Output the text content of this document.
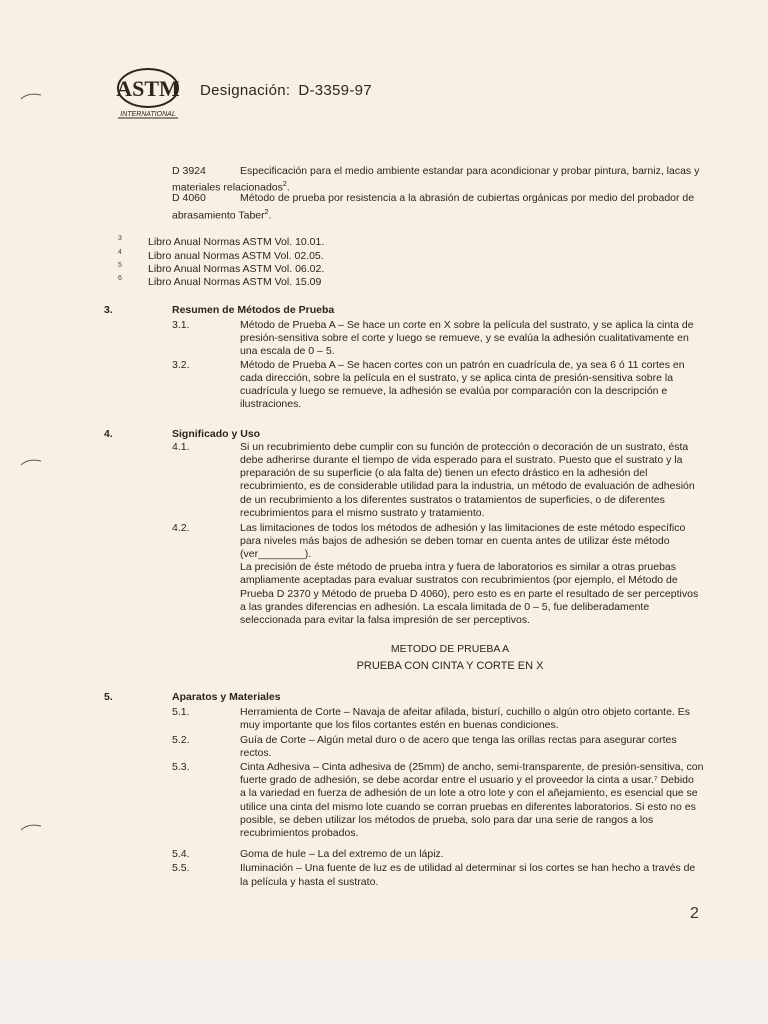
ASTM
INTERNATIONAL
Designación: D-3359-97
D 3924	Especificación para el medio ambiente estandar para acondicionar y probar pintura, barniz, lacas y
materiales relacionados$^2$.
D 4060	Método de prueba por resistencia a la abrasión de cubiertas orgánicas por medio del probador de
abrasamiento Taber$^2$.
3 Libro Anual Normas ASTM Vol. 10.01.
4 Libro anual Normas ASTM Vol. 02.05.
5 Libro Anual Normas ASTM Vol. 06.02.
6 Libro Anual Normas ASTM Vol. 15.09
3.	Resumen de Métodos de Prueba
3.1.	Método de Prueba A – Se hace un corte en X sobre la película del sustrato, y se aplica la cinta de
presión-sensitiva sobre el corte y luego se remueve, y se evalúa la adhesión cualitativamente en
una escala de 0 – 5.
3.2.	Método de Prueba A – Se hacen cortes con un patrón en cuadrícula de, ya sea 6 ó 11 cortes en
cada dirección, sobre la película en el sustrato, y se aplica cinta de presión-sensitiva sobre la
cuadrícula y luego se remueve, la adhesión se evalúa por comparación con la descripción e
ilustraciones.
4.	Significado y Uso
4.1.	Si un recubrimiento debe cumplir con su función de protección o decoración de un sustrato, ésta
debe adherirse durante el tiempo de vida esperado para el sustrato. Puesto que el sustrato y la
preparación de su superficie (o ala falta de) tienen un efecto drástico en la adhesión del
recubrimiento, es de considerable utilidad para la industria, un método de evaluación de adhesión
de un recubrimiento a los diferentes sustratos o tratamientos de superficies, o de diferentes
recubrimientos para el mismo sustrato y tratamiento.
4.2.	Las limitaciones de todos los métodos de adhesión y las limitaciones de este método específico
para niveles más bajos de adhesión se deben tomar en cuenta antes de utilizar éste método
(ver________).
La precisión de éste método de prueba intra y fuera de laboratorios es similar a otras pruebas
ampliamente aceptadas para evaluar sustratos con recubrimientos (por ejemplo, el Método de
Prueba D 2370 y Método de prueba D 4060), pero esto es en parte el resultado de ser perceptivos
a las grandes diferencias en adhesión. La escala limitada de 0 – 5, fue deliberadamente
seleccionada para evitar la falsa impresión de ser perceptivos.
METODO DE PRUEBA A
PRUEBA CON CINTA Y CORTE EN X
5.	Aparatos y Materiales
5.1.	Herramienta de Corte – Navaja de afeitar afilada, bisturí, cuchillo o algún otro objeto cortante. Es
muy importante que los filos cortantes estén en buenas condiciones.
5.2.	Guía de Corte – Algún metal duro o de acero que tenga las orillas rectas para asegurar cortes
rectos.
5.3.	Cinta Adhesiva – Cinta adhesiva de (25mm) de ancho, semi-transparente, de presión-sensitiva, con
fuerte grado de adhesión, se debe acordar entre el usuario y el proveedor la cinta a usar.⁷ Debido
a la variedad en fuerza de adhesión de un lote a otro lote y con el añejamiento, es esencial que se
utilice una cinta del mismo lote cuando se corran pruebas en diferentes laboratorios. Si esto no es
posible, se deben utilizar los métodos de prueba, solo para dar una serie de rangos a los
recubrimientos probados.
5.4.	Goma de hule – La del extremo de un lápiz.
5.5.	Iluminación – Una fuente de luz es de utilidad al determinar si los cortes se han hecho a través de
la película y hasta el sustrato.
2
